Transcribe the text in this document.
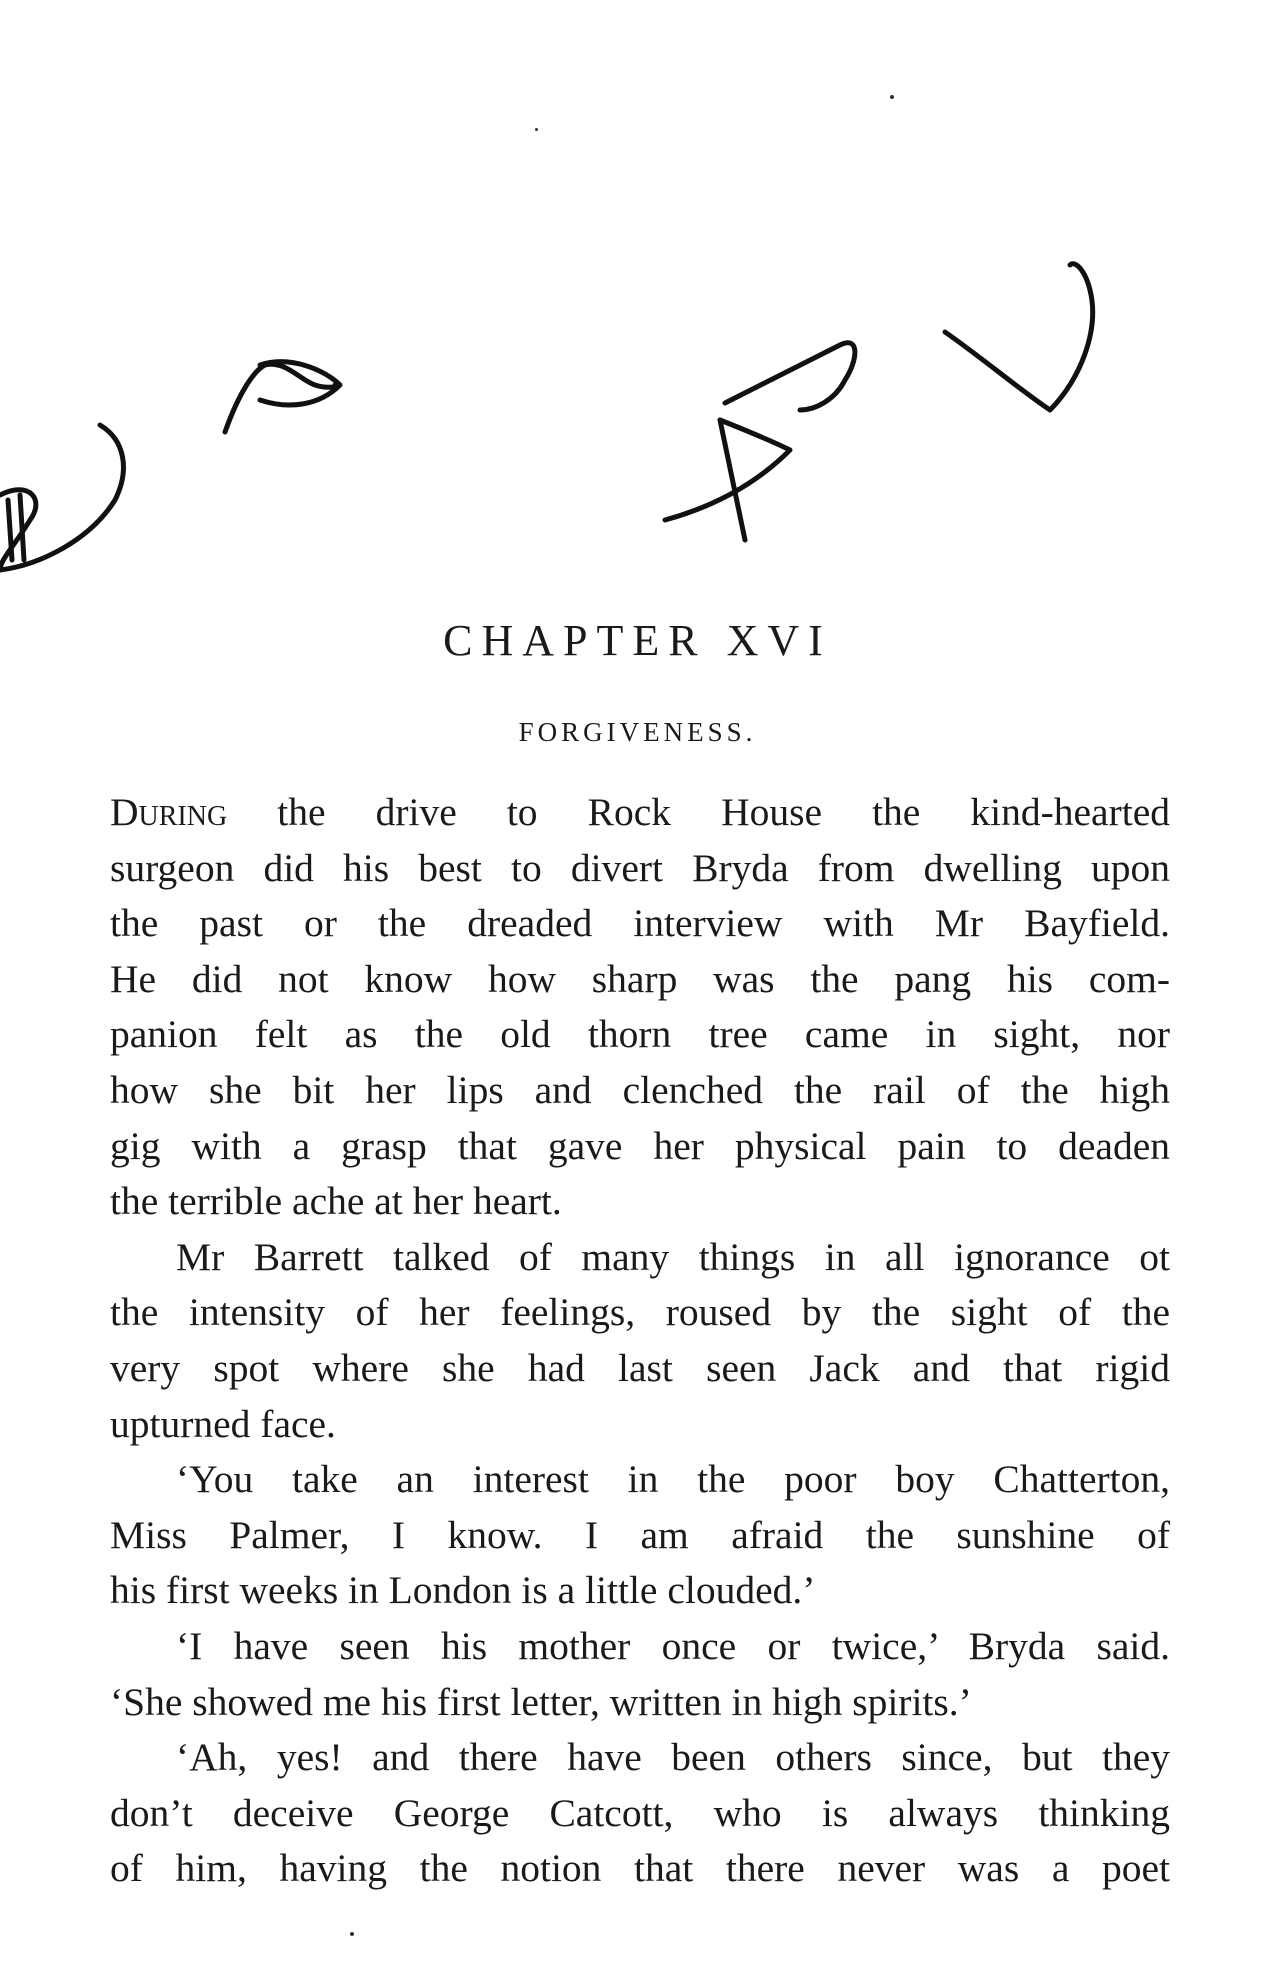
CHAPTER XVI
FORGIVENESS.

During the drive to Rock House the kind-hearted
surgeon did his best to divert Bryda from dwelling upon
the past or the dreaded interview with Mr Bayfield.
He did not know how sharp was the pang his com-
panion felt as the old thorn tree came in sight, nor
how she bit her lips and clenched the rail of the high
gig with a grasp that gave her physical pain to deaden
the terrible ache at her heart.

Mr Barrett talked of many things in all ignorance ot
the intensity of her feelings, roused by the sight of the
very spot where she had last seen Jack and that rigid
upturned face.

‘You take an interest in the poor boy Chatterton,
Miss Palmer, I know. I am afraid the sunshine of
his first weeks in London is a little clouded.’

‘I have seen his mother once or twice,’ Bryda said.
‘She showed me his first letter, written in high spirits.’

‘Ah, yes! and there have been others since, but they
don’t deceive George Catcott, who is always thinking
of him, having the notion that there never was a poet
